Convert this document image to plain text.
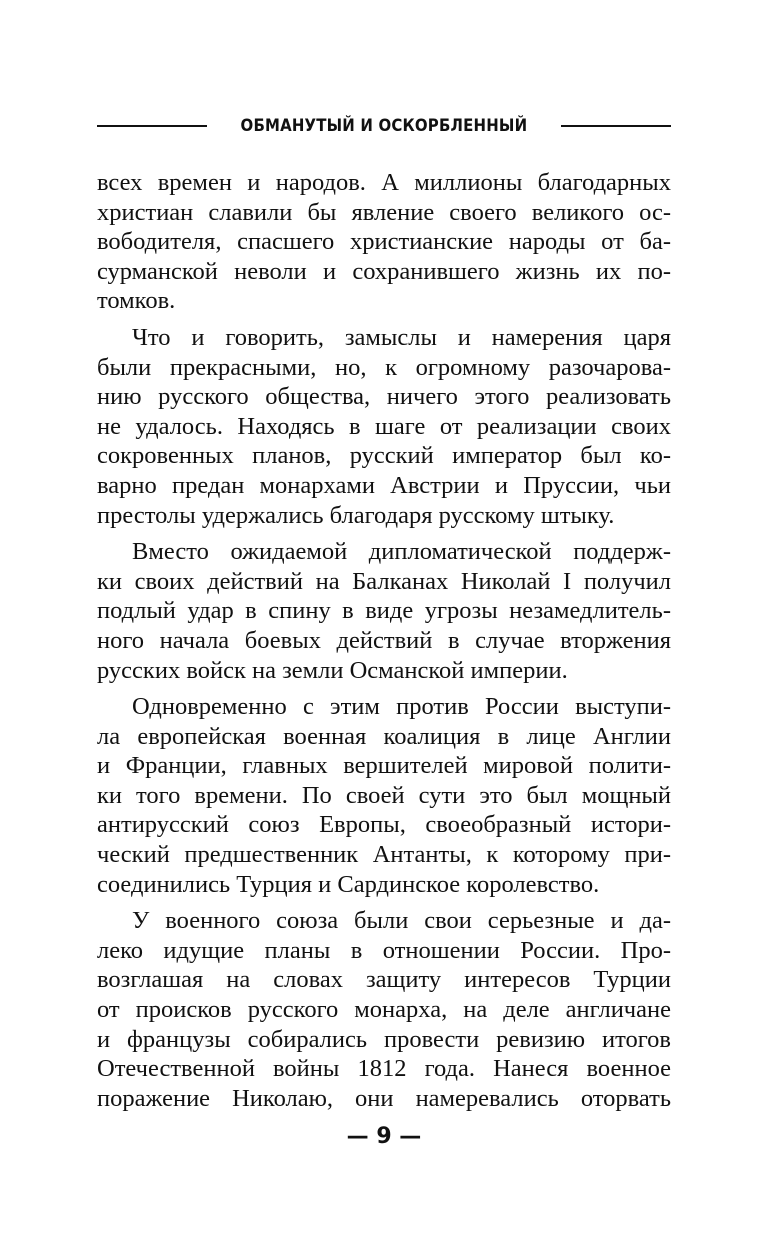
ОБМАНУТЫЙ И ОСКОРБЛЕННЫЙ
всех времен и народов. А миллионы благодарных
христиан славили бы явление своего великого ос-
вободителя, спасшего христианские народы от ба-
сурманской неволи и сохранившего жизнь их по-
томков.
Что и говорить, замыслы и намерения царя
были прекрасными, но, к огромному разочарова-
нию русского общества, ничего этого реализовать
не удалось. Находясь в шаге от реализации своих
сокровенных планов, русский император был ко-
варно предан монархами Австрии и Пруссии, чьи
престолы удержались благодаря русскому штыку.
Вместо ожидаемой дипломатической поддерж-
ки своих действий на Балканах Николай I получил
подлый удар в спину в виде угрозы незамедлитель-
ного начала боевых действий в случае вторжения
русских войск на земли Османской империи.
Одновременно с этим против России выступи-
ла европейская военная коалиция в лице Англии
и Франции, главных вершителей мировой полити-
ки того времени. По своей сути это был мощный
антирусский союз Европы, своеобразный истори-
ческий предшественник Антанты, к которому при-
соединились Турция и Сардинское королевство.
У военного союза были свои серьезные и да-
леко идущие планы в отношении России. Про-
возглашая на словах защиту интересов Турции
от происков русского монарха, на деле англичане
и французы собирались провести ревизию итогов
Отечественной войны 1812 года. Нанеся военное
поражение Николаю, они намеревались оторвать
— 9 —
